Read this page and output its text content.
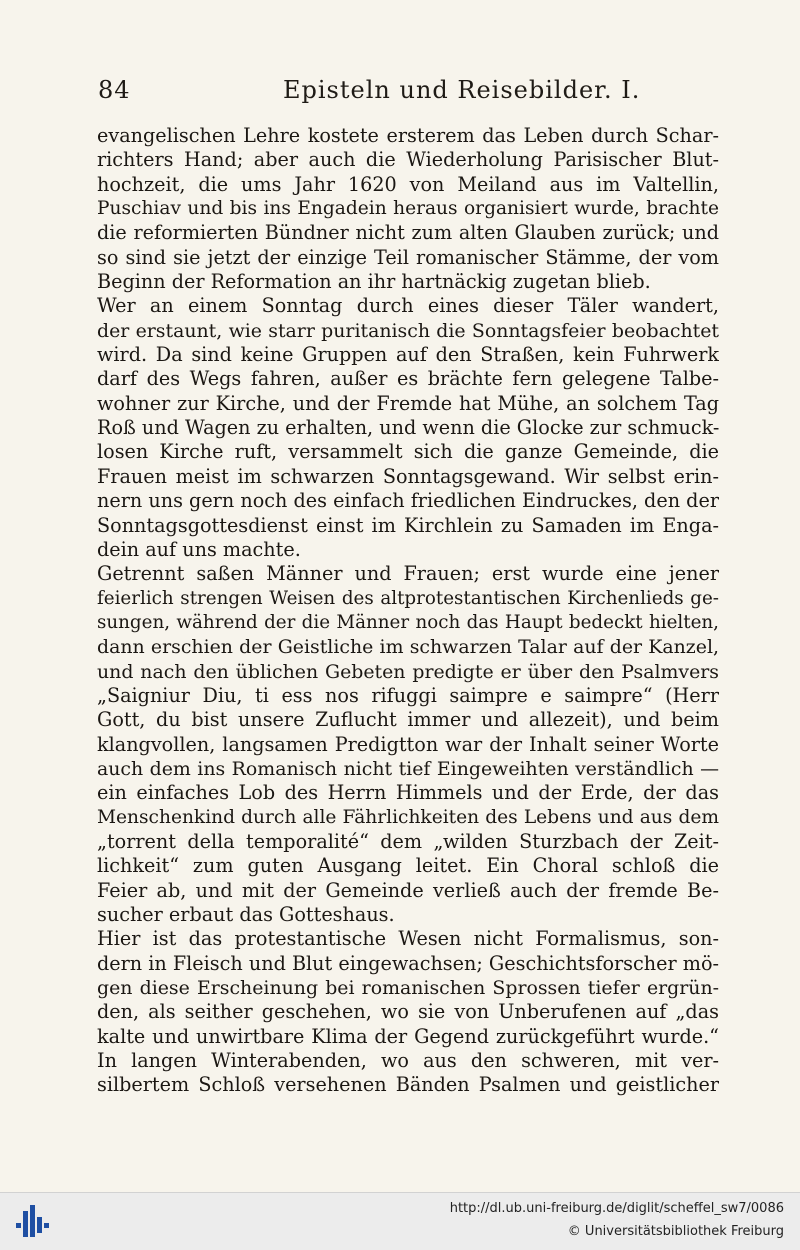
84	Episteln und Reisebilder. I.
evangelischen Lehre kostete ersterem das Leben durch Schar-
richters Hand; aber auch die Wiederholung Parisischer Blut-
hochzeit, die ums Jahr 1620 von Meiland aus im Valtellin,
Puschiav und bis ins Engadein heraus organisiert wurde, brachte
die reformierten Bündner nicht zum alten Glauben zurück; und
so sind sie jetzt der einzige Teil romanischer Stämme, der vom
Beginn der Reformation an ihr hartnäckig zugetan blieb.
Wer an einem Sonntag durch eines dieser Täler wandert,
der erstaunt, wie starr puritanisch die Sonntagsfeier beobachtet
wird. Da sind keine Gruppen auf den Straßen, kein Fuhrwerk
darf des Wegs fahren, außer es brächte fern gelegene Talbe-
wohner zur Kirche, und der Fremde hat Mühe, an solchem Tag
Roß und Wagen zu erhalten, und wenn die Glocke zur schmuck-
losen Kirche ruft, versammelt sich die ganze Gemeinde, die
Frauen meist im schwarzen Sonntagsgewand. Wir selbst erin-
nern uns gern noch des einfach friedlichen Eindruckes, den der
Sonntagsgottesdienst einst im Kirchlein zu Samaden im Enga-
dein auf uns machte.
Getrennt saßen Männer und Frauen; erst wurde eine jener
feierlich strengen Weisen des altprotestantischen Kirchenlieds ge-
sungen, während der die Männer noch das Haupt bedeckt hielten,
dann erschien der Geistliche im schwarzen Talar auf der Kanzel,
und nach den üblichen Gebeten predigte er über den Psalmvers
„Saigniur Diu, ti ess nos rifuggi saimpre e saimpre“ (Herr
Gott, du bist unsere Zuflucht immer und allezeit), und beim
klangvollen, langsamen Predigtton war der Inhalt seiner Worte
auch dem ins Romanisch nicht tief Eingeweihten verständlich —
ein einfaches Lob des Herrn Himmels und der Erde, der das
Menschenkind durch alle Fährlichkeiten des Lebens und aus dem
„torrent della temporalité“ dem „wilden Sturzbach der Zeit-
lichkeit“ zum guten Ausgang leitet. Ein Choral schloß die
Feier ab, und mit der Gemeinde verließ auch der fremde Be-
sucher erbaut das Gotteshaus.
Hier ist das protestantische Wesen nicht Formalismus, son-
dern in Fleisch und Blut eingewachsen; Geschichtsforscher mö-
gen diese Erscheinung bei romanischen Sprossen tiefer ergrün-
den, als seither geschehen, wo sie von Unberufenen auf „das
kalte und unwirtbare Klima der Gegend zurückgeführt wurde.“
In langen Winterabenden, wo aus den schweren, mit ver-
silbertem Schloß versehenen Bänden Psalmen und geistlicher
http://dl.ub.uni-freiburg.de/diglit/scheffel_sw7/0086
© Universitätsbibliothek Freiburg
